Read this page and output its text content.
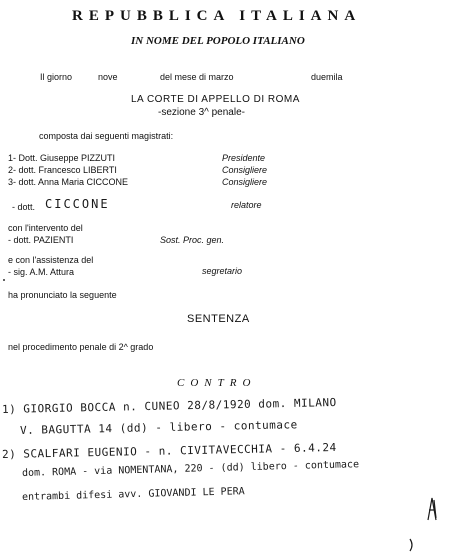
REPUBBLICA ITALIANA
IN NOME DEL POPOLO ITALIANO
Il giorno	nove	del mese di marzo	duemila
LA CORTE DI APPELLO DI ROMA
-sezione 3^ penale-
composta dai seguenti magistrati:
1- Dott. Giuseppe PIZZUTI	Presidente
2- dott. Francesco LIBERTI	Consigliere
3- dott. Anna Maria CICCONE	Consigliere
- dott. CICCONE	relatore
con l'intervento del
- dott. PAZIENTI	Sost. Proc. gen.
e con l'assistenza del
- sig. A.M. Attura	segretario
ha pronunciato la seguente
SENTENZA
nel procedimento penale di 2^ grado
CONTRO
1) GIORGIO BOCCA n. CUNEO 28/8/1920 dom. MILANO
V. BAGUTTA 14 (dd) - libero - contumace
2) SCALFARI EUGENIO - n. CIVITAVECCHIA - 6.4.24
dom. ROMA - via NOMENTANA, 220 - (dd) libero - contumace
entrambi difesi avv. GIOVANDI LE PERA
